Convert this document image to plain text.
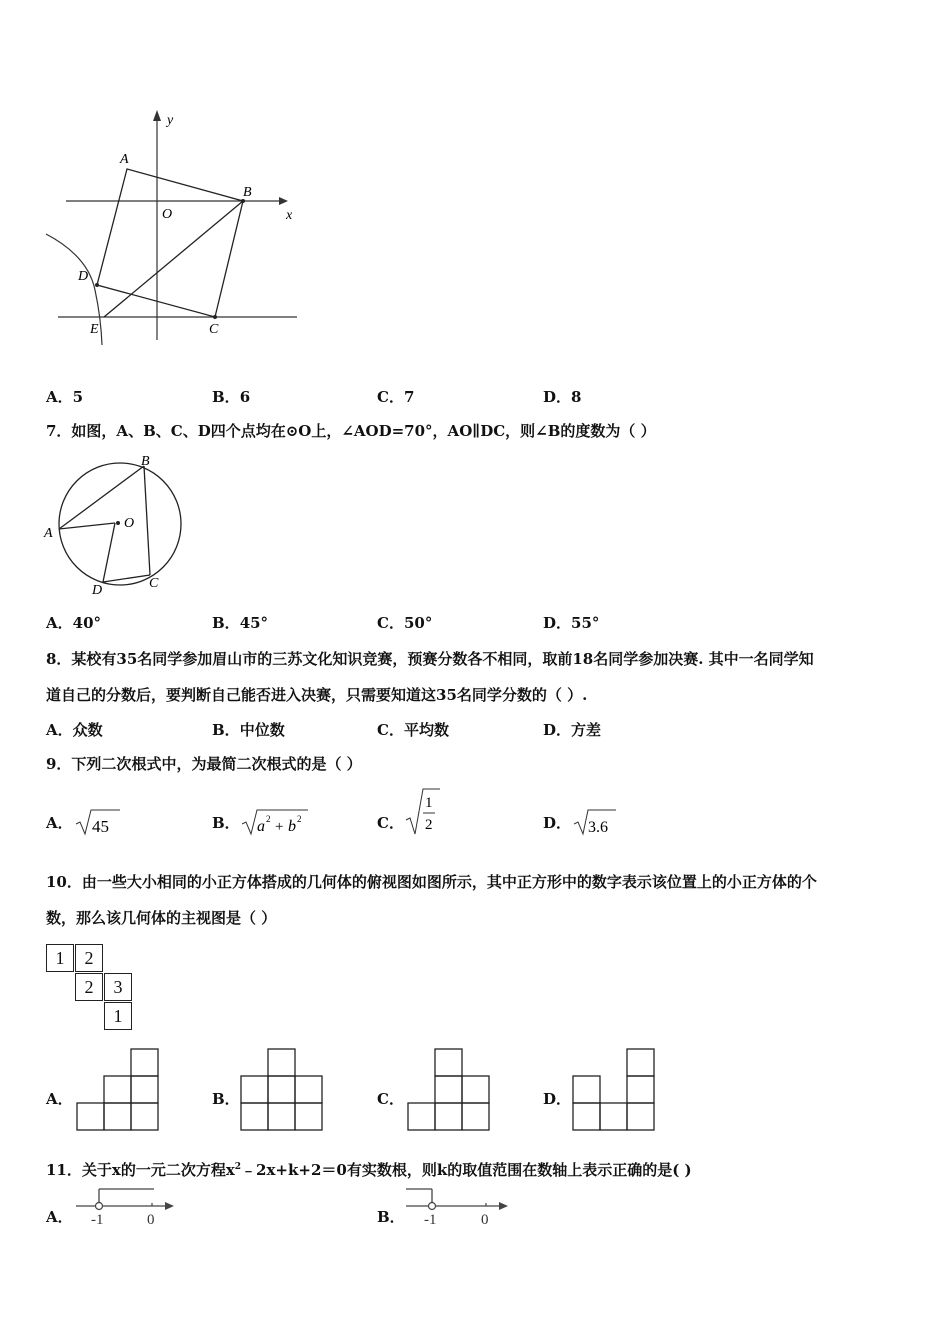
y
x
O
A
B
C
D
E
A．5	B．6	C．7	D．8
7．如图，A、B、C、D四个点均在⊙O上，∠AOD=70°，AO∥DC，则∠B的度数为（ ）
A
B
C
D
O
A．40°	B．45°	C．50°	D．55°
8．某校有35名同学参加眉山市的三苏文化知识竞赛，预赛分数各不相同，取前18名同学参加决赛. 其中一名同学知
道自己的分数后，要判断自己能否进入决赛，只需要知道这35名同学分数的（ ）.
A．众数	B．中位数	C．平均数	D．方差
9．下列二次根式中，为最简二次根式的是（ ）
A． 45	B． a 2 + b 2	C．
1
2	D． 3.6
10．由一些大小相同的小正方体搭成的几何体的俯视图如图所示，其中正方形中的数字表示该位置上的小正方体的个
数，那么该几何体的主视图是（ ）
1	2
2	3
1
A．	B．	C．	D．
11．关于x的一元二次方程$x^2﹣2x+k+2=0$有实数根，则k的取值范围在数轴上表示正确的是( )
A． -1	0	B． -1	0
